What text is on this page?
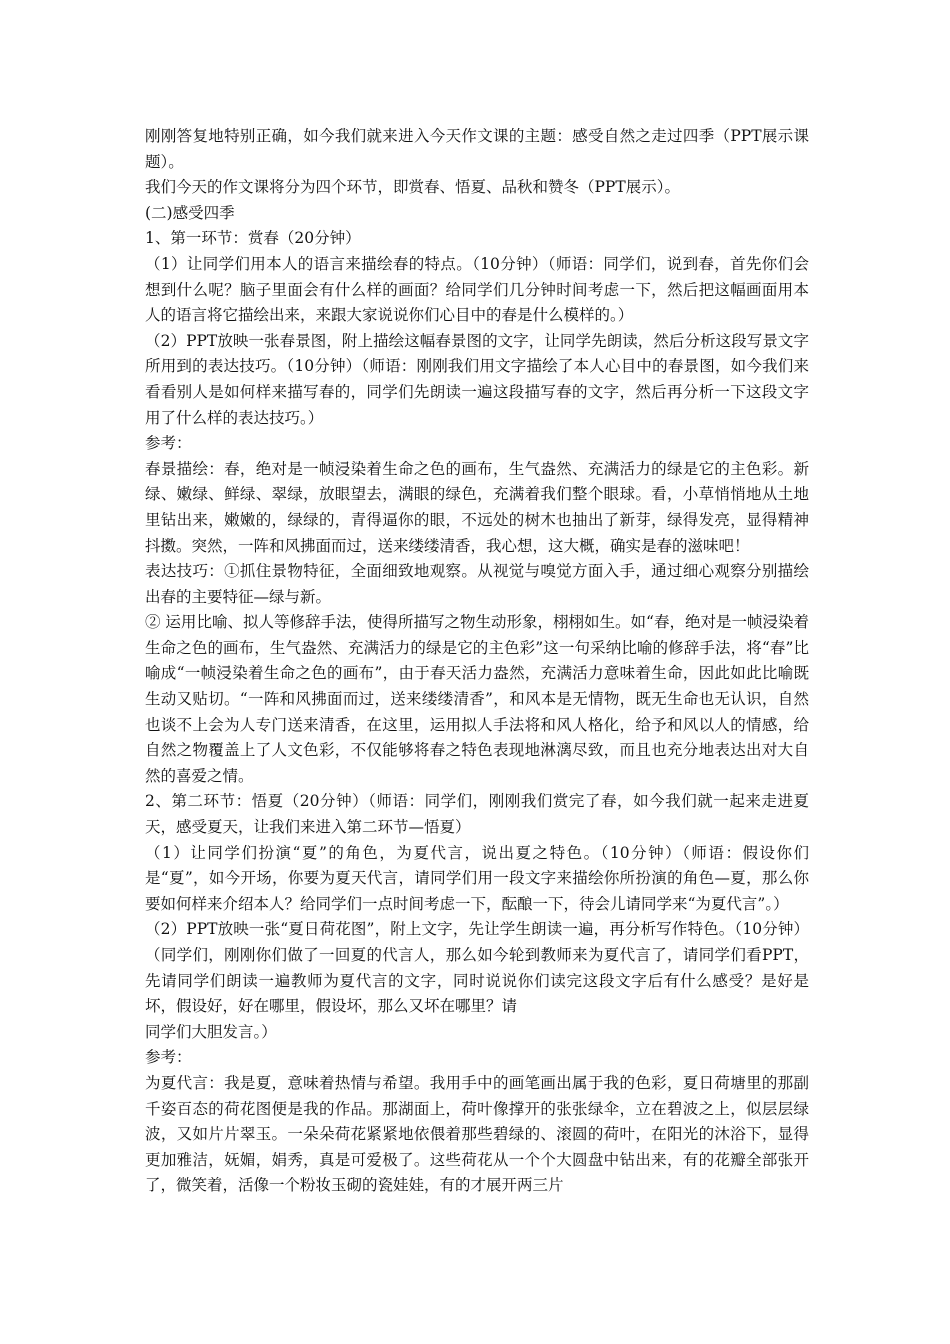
刚刚答复地特别正确，如今我们就来进入今天作文课的主题：感受自然之走过四季（PPT展示课题）。

我们今天的作文课将分为四个环节，即赏春、悟夏、品秋和赞冬（PPT展示）。

(二)感受四季

1、第一环节：赏春（20分钟）

（1）让同学们用本人的语言来描绘春的特点。（10分钟）（师语：同学们，说到春，首先你们会想到什么呢？脑子里面会有什么样的画面？给同学们几分钟时间考虑一下，然后把这幅画面用本人的语言将它描绘出来，来跟大家说说你们心目中的春是什么模样的。）

（2）PPT放映一张春景图，附上描绘这幅春景图的文字，让同学先朗读，然后分析这段写景文字所用到的表达技巧。（10分钟）（师语：刚刚我们用文字描绘了本人心目中的春景图，如今我们来看看别人是如何样来描写春的，同学们先朗读一遍这段描写春的文字，然后再分析一下这段文字用了什么样的表达技巧。）

参考：

春景描绘：春，绝对是一帧浸染着生命之色的画布，生气盎然、充满活力的绿是它的主色彩。新绿、嫩绿、鲜绿、翠绿，放眼望去，满眼的绿色，充满着我们整个眼球。看，小草悄悄地从土地里钻出来，嫩嫩的，绿绿的，青得逼你的眼，不远处的树木也抽出了新芽，绿得发亮，显得精神抖擞。突然，一阵和风拂面而过，送来缕缕清香，我心想，这大概，确实是春的滋味吧！

表达技巧：①抓住景物特征，全面细致地观察。从视觉与嗅觉方面入手，通过细心观察分别描绘出春的主要特征—绿与新。

② 运用比喻、拟人等修辞手法，使得所描写之物生动形象，栩栩如生。如“春，绝对是一帧浸染着生命之色的画布，生气盎然、充满活力的绿是它的主色彩”这一句采纳比喻的修辞手法，将“春”比喻成“一帧浸染着生命之色的画布”，由于春天活力盎然，充满活力意味着生命，因此如此比喻既生动又贴切。“一阵和风拂面而过，送来缕缕清香”，和风本是无情物，既无生命也无认识，自然也谈不上会为人专门送来清香，在这里，运用拟人手法将和风人格化，给予和风以人的情感，给自然之物覆盖上了人文色彩，不仅能够将春之特色表现地淋漓尽致，而且也充分地表达出对大自然的喜爱之情。

2、第二环节：悟夏（20分钟）（师语：同学们，刚刚我们赏完了春，如今我们就一起来走进夏天，感受夏天，让我们来进入第二环节—悟夏）

（1）让同学们扮演“夏”的角色，为夏代言，说出夏之特色。（10分钟）（师语：假设你们是“夏”，如今开场，你要为夏天代言，请同学们用一段文字来描绘你所扮演的角色—夏，那么你要如何样来介绍本人？给同学们一点时间考虑一下，酝酿一下，待会儿请同学来“为夏代言”。）

（2）PPT放映一张“夏日荷花图”，附上文字，先让学生朗读一遍，再分析写作特色。（10分钟）（同学们，刚刚你们做了一回夏的代言人，那么如今轮到教师来为夏代言了，请同学们看PPT，先请同学们朗读一遍教师为夏代言的文字，同时说说你们读完这段文字后有什么感受？是好是坏，假设好，好在哪里，假设坏，那么又坏在哪里？请

同学们大胆发言。）

参考：

为夏代言：我是夏，意味着热情与希望。我用手中的画笔画出属于我的色彩，夏日荷塘里的那副千姿百态的荷花图便是我的作品。那湖面上，荷叶像撑开的张张绿伞，立在碧波之上，似层层绿波，又如片片翠玉。一朵朵荷花紧紧地依偎着那些碧绿的、滚圆的荷叶，在阳光的沐浴下，显得更加雅洁，妩媚，娟秀，真是可爱极了。这些荷花从一个个大圆盘中钻出来，有的花瓣全部张开了，微笑着，活像一个粉妆玉砌的瓷娃娃，有的才展开两三片
